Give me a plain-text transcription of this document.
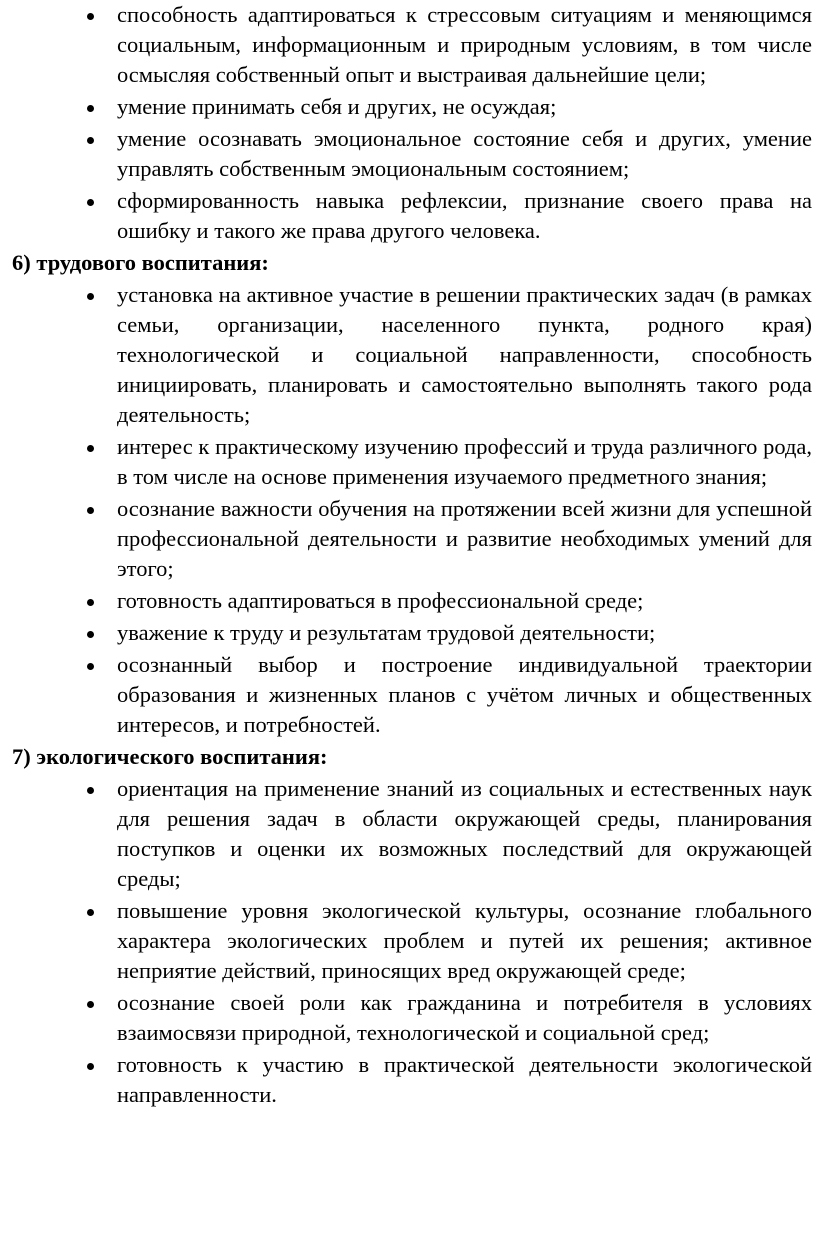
способность адаптироваться к стрессовым ситуациям и меняющимся социальным, информационным и природным условиям, в том числе осмысляя собственный опыт и выстраивая дальнейшие цели;
умение принимать себя и других, не осуждая;
умение осознавать эмоциональное состояние себя и других, умение управлять собственным эмоциональным состоянием;
сформированность навыка рефлексии, признание своего права на ошибку и такого же права другого человека.
6) трудового воспитания:
установка на активное участие в решении практических задач (в рамках семьи, организации, населенного пункта, родного края) технологической и социальной направленности, способность инициировать, планировать и самостоятельно выполнять такого рода деятельность;
интерес к практическому изучению профессий и труда различного рода, в том числе на основе применения изучаемого предметного знания;
осознание важности обучения на протяжении всей жизни для успешной профессиональной деятельности и развитие необходимых умений для этого;
готовность адаптироваться в профессиональной среде;
уважение к труду и результатам трудовой деятельности;
осознанный выбор и построение индивидуальной траектории образования и жизненных планов с учётом личных и общественных интересов, и потребностей.
7) экологического воспитания:
ориентация на применение знаний из социальных и естественных наук для решения задач в области окружающей среды, планирования поступков и оценки их возможных последствий для окружающей среды;
повышение уровня экологической культуры, осознание глобального характера экологических проблем и путей их решения; активное неприятие действий, приносящих вред окружающей среде;
осознание своей роли как гражданина и потребителя в условиях взаимосвязи природной, технологической и социальной сред;
готовность к участию в практической деятельности экологической направленности.
